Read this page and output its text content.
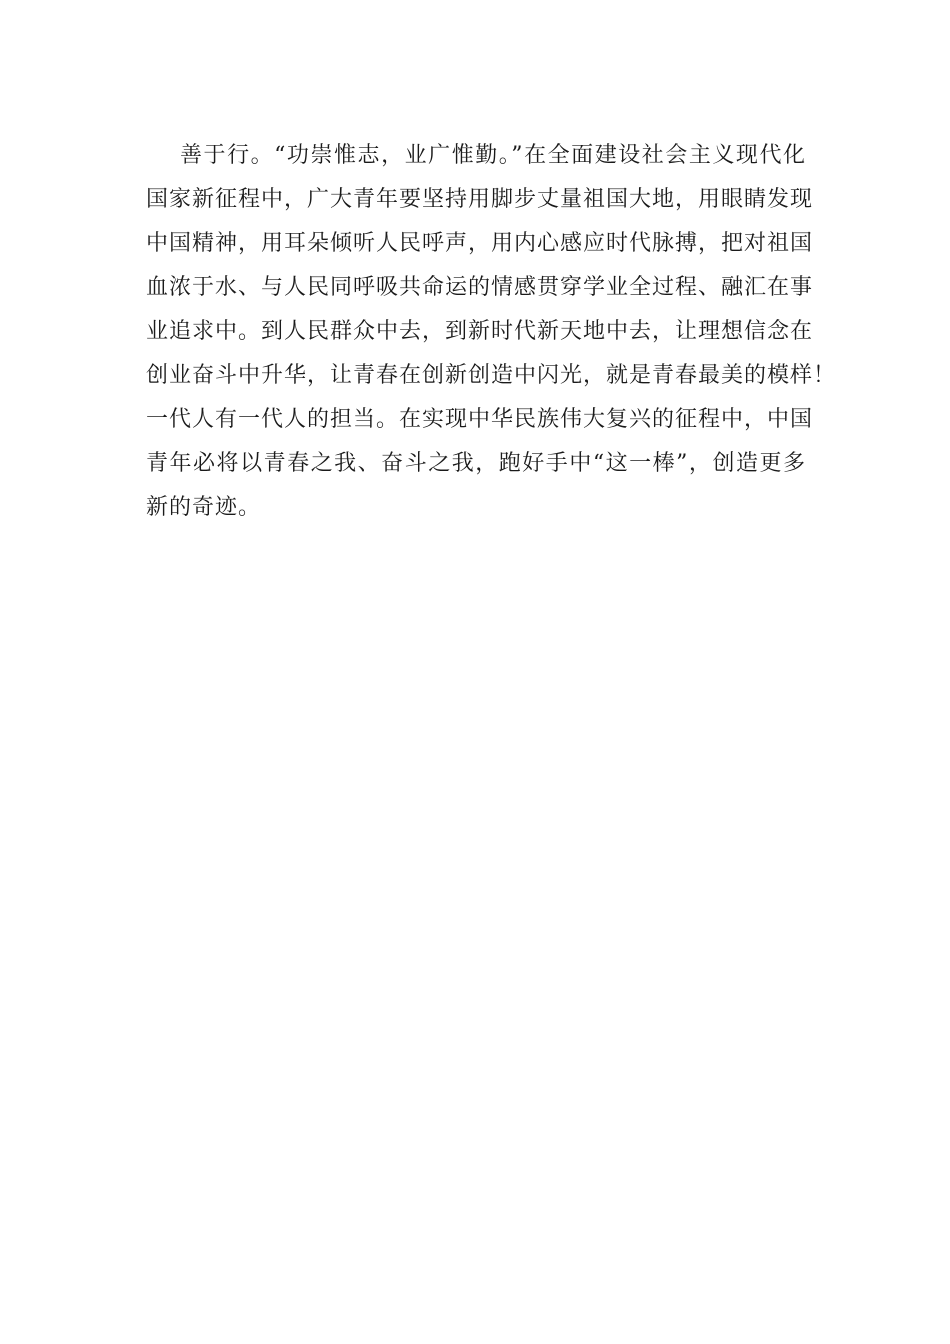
善于行。“功崇惟志，业广惟勤。”在全面建设社会主义现代化
国家新征程中，广大青年要坚持用脚步丈量祖国大地，用眼睛发现
中国精神，用耳朵倾听人民呼声，用内心感应时代脉搏，把对祖国
血浓于水、与人民同呼吸共命运的情感贯穿学业全过程、融汇在事
业追求中。到人民群众中去，到新时代新天地中去，让理想信念在
创业奋斗中升华，让青春在创新创造中闪光，就是青春最美的模样！
一代人有一代人的担当。在实现中华民族伟大复兴的征程中，中国
青年必将以青春之我、奋斗之我，跑好手中“这一棒”，创造更多
新的奇迹。
